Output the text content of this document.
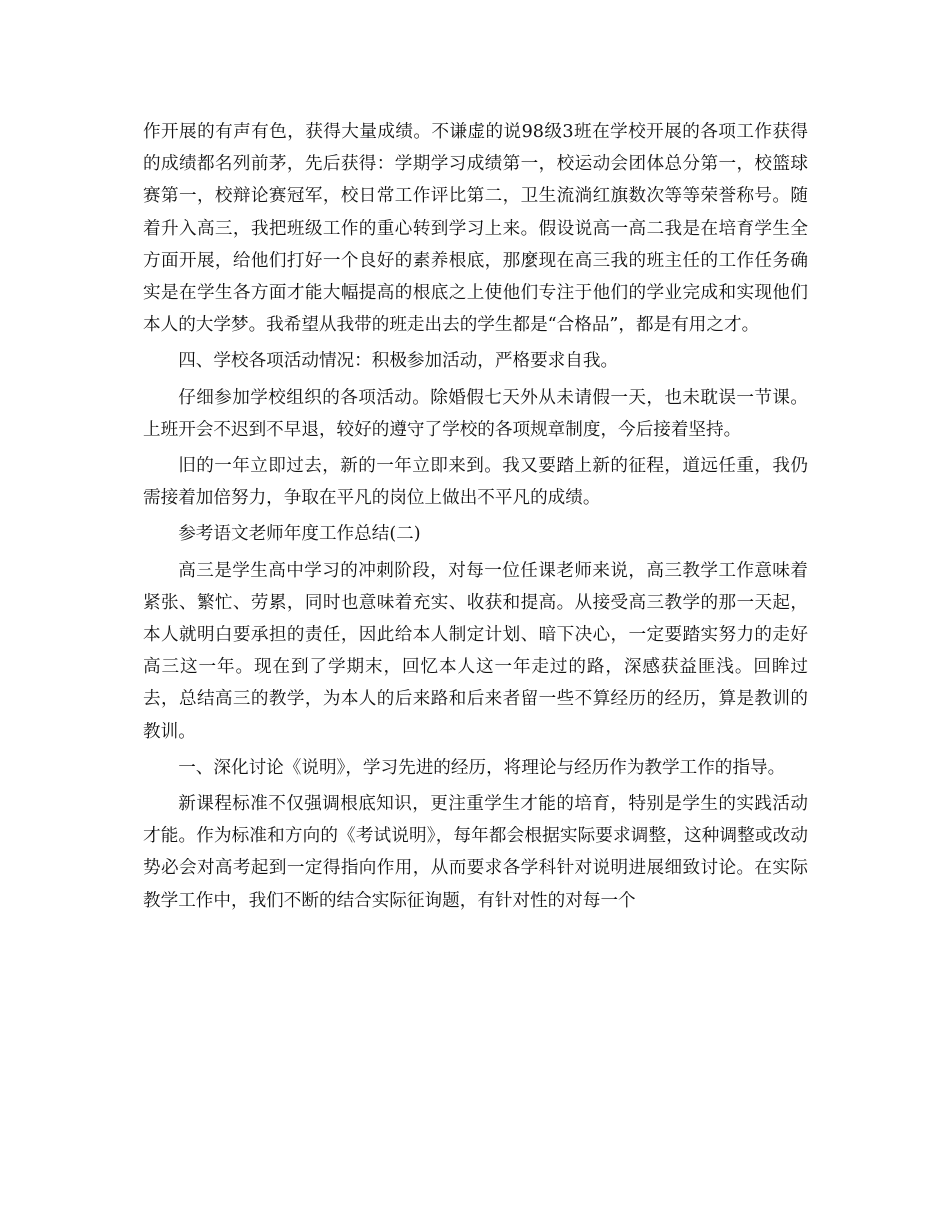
作开展的有声有色，获得大量成绩。不谦虚的说98级3班在学校开展的各项工作获得的成绩都名列前茅，先后获得：学期学习成绩第一，校运动会团体总分第一，校篮球赛第一，校辩论赛冠军，校日常工作评比第二，卫生流淌红旗数次等等荣誉称号。随着升入高三，我把班级工作的重心转到学习上来。假设说高一高二我是在培育学生全方面开展，给他们打好一个良好的素养根底，那麼现在高三我的班主任的工作任务确实是在学生各方面才能大幅提高的根底之上使他们专注于他们的学业完成和实现他们本人的大学梦。我希望从我带的班走出去的学生都是“合格品”，都是有用之才。

四、学校各项活动情况：积极参加活动，严格要求自我。

仔细参加学校组织的各项活动。除婚假七天外从未请假一天，也未耽误一节课。上班开会不迟到不早退，较好的遵守了学校的各项规章制度，今后接着坚持。

旧的一年立即过去，新的一年立即来到。我又要踏上新的征程，道远任重，我仍需接着加倍努力，争取在平凡的岗位上做出不平凡的成绩。

参考语文老师年度工作总结(二)

高三是学生高中学习的冲刺阶段，对每一位任课老师来说，高三教学工作意味着紧张、繁忙、劳累，同时也意味着充实、收获和提高。从接受高三教学的那一天起，本人就明白要承担的责任，因此给本人制定计划、暗下决心，一定要踏实努力的走好高三这一年。现在到了学期末，回忆本人这一年走过的路，深感获益匪浅。回眸过去，总结高三的教学，为本人的后来路和后来者留一些不算经历的经历，算是教训的教训。

一、深化讨论《说明》，学习先进的经历，将理论与经历作为教学工作的指导。

新课程标准不仅强调根底知识，更注重学生才能的培育，特别是学生的实践活动才能。作为标准和方向的《考试说明》，每年都会根据实际要求调整，这种调整或改动势必会对高考起到一定得指向作用，从而要求各学科针对说明进展细致讨论。在实际教学工作中，我们不断的结合实际征询题，有针对性的对每一个
